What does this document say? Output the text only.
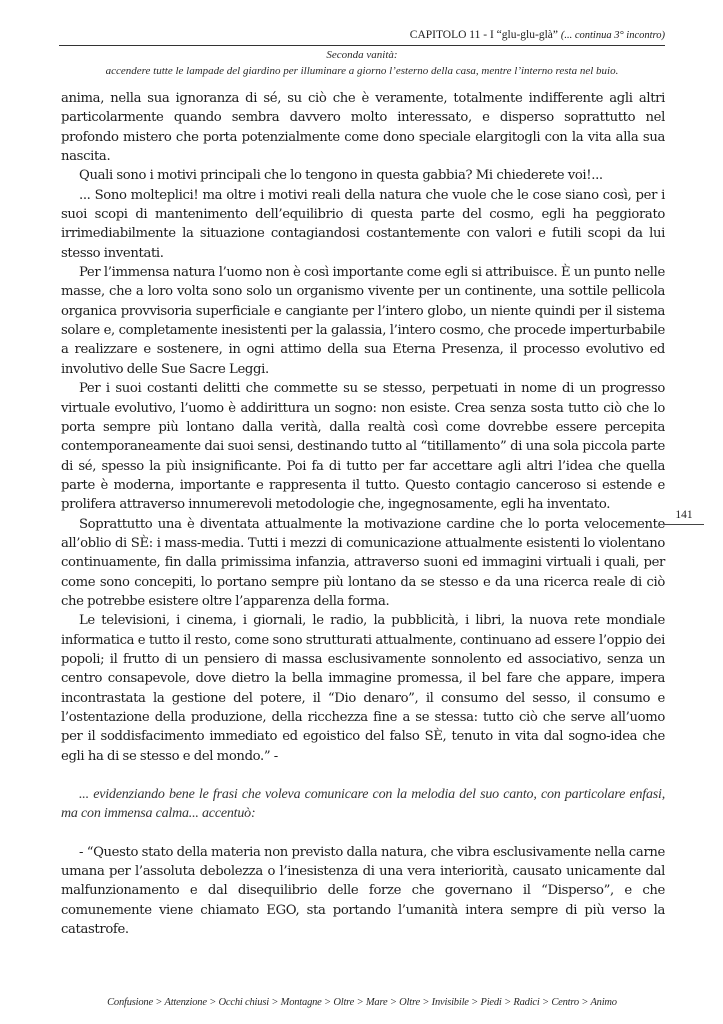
CAPITOLO 11 - I “glu-glu-glà” (... continua 3° incontro)
Seconda vanità:
accendere tutte le lampade del giardino per illuminare a giorno l’esterno della casa, mentre l’interno resta nel buio.

anima, nella sua ignoranza di sé, su ciò che è veramente, totalmente indifferente agli altri particolarmente quando sembra davvero molto interessato, e disperso soprattutto nel profondo mistero che porta potenzialmente come dono speciale elargitogli con la vita alla sua nascita.

Quali sono i motivi principali che lo tengono in questa gabbia? Mi chiederete voi!...

... Sono molteplici! ma oltre i motivi reali della natura che vuole che le cose siano così, per i suoi scopi di mantenimento dell’equilibrio di questa parte del cosmo, egli ha peggiorato irrimediabilmente la situazione contagiandosi costantemente con valori e futili scopi da lui stesso inventati.

Per l’immensa natura l’uomo non è così importante come egli si attribuisce. È un punto nelle masse, che a loro volta sono solo un organismo vivente per un continente, una sottile pellicola organica provvisoria superficiale e cangiante per l’intero globo, un niente quindi per il sistema solare e, completamente inesistenti per la galassia, l’intero cosmo, che procede imperturbabile a realizzare e sostenere, in ogni attimo della sua Eterna Presenza, il processo evolutivo ed involutivo delle Sue Sacre Leggi.

Per i suoi costanti delitti che commette su se stesso, perpetuati in nome di un progresso virtuale evolutivo, l’uomo è addirittura un sogno: non esiste. Crea senza sosta tutto ciò che lo porta sempre più lontano dalla verità, dalla realtà così come dovrebbe essere percepita contemporaneamente dai suoi sensi, destinando tutto al “titillamento” di una sola piccola parte di sé, spesso la più insignificante. Poi fa di tutto per far accettare agli altri l’idea che quella parte è moderna, importante e rappresenta il tutto. Questo contagio canceroso si estende e prolifera attraverso innumerevoli metodologie che, ingegnosamente, egli ha inventato.

Soprattutto una è diventata attualmente la motivazione cardine che lo porta velocemente all’oblio di SÈ: i mass-media. Tutti i mezzi di comunicazione attualmente esistenti lo violentano continuamente, fin dalla primissima infanzia, attraverso suoni ed immagini virtuali i quali, per come sono concepiti, lo portano sempre più lontano da se stesso e da una ricerca reale di ciò che potrebbe esistere oltre l’apparenza della forma.

Le televisioni, i cinema, i giornali, le radio, la pubblicità, i libri, la nuova rete mondiale informatica e tutto il resto, come sono strutturati attualmente, continuano ad essere l’oppio dei popoli; il frutto di un pensiero di massa esclusivamente sonnolento ed associativo, senza un centro consapevole, dove dietro la bella immagine promessa, il bel fare che appare, impera incontrastata la gestione del potere, il “Dio denaro”, il consumo del sesso, il consumo e l’ostentazione della produzione, della ricchezza fine a se stessa: tutto ciò che serve all’uomo per il soddisfacimento immediato ed egoistico del falso SÈ, tenuto in vita dal sogno-idea che egli ha di se stesso e del mondo.” -

... evidenziando bene le frasi che voleva comunicare con la melodia del suo canto, con particolare enfasi, ma con immensa calma... accentuò:

- “Questo stato della materia non previsto dalla natura, che vibra esclusivamente nella carne umana per l’assoluta debolezza o l’inesistenza di una vera interiorità, causato unicamente dal malfunzionamento e dal disequilibrio delle forze che governano il “Disperso”, e che comunemente viene chiamato EGO, sta portando l’umanità intera sempre di più verso la catastrofe.

141
Confusione > Attenzione > Occhi chiusi > Montagne > Oltre > Mare > Oltre > Invisibile > Piedi > Radici > Centro > Animo
